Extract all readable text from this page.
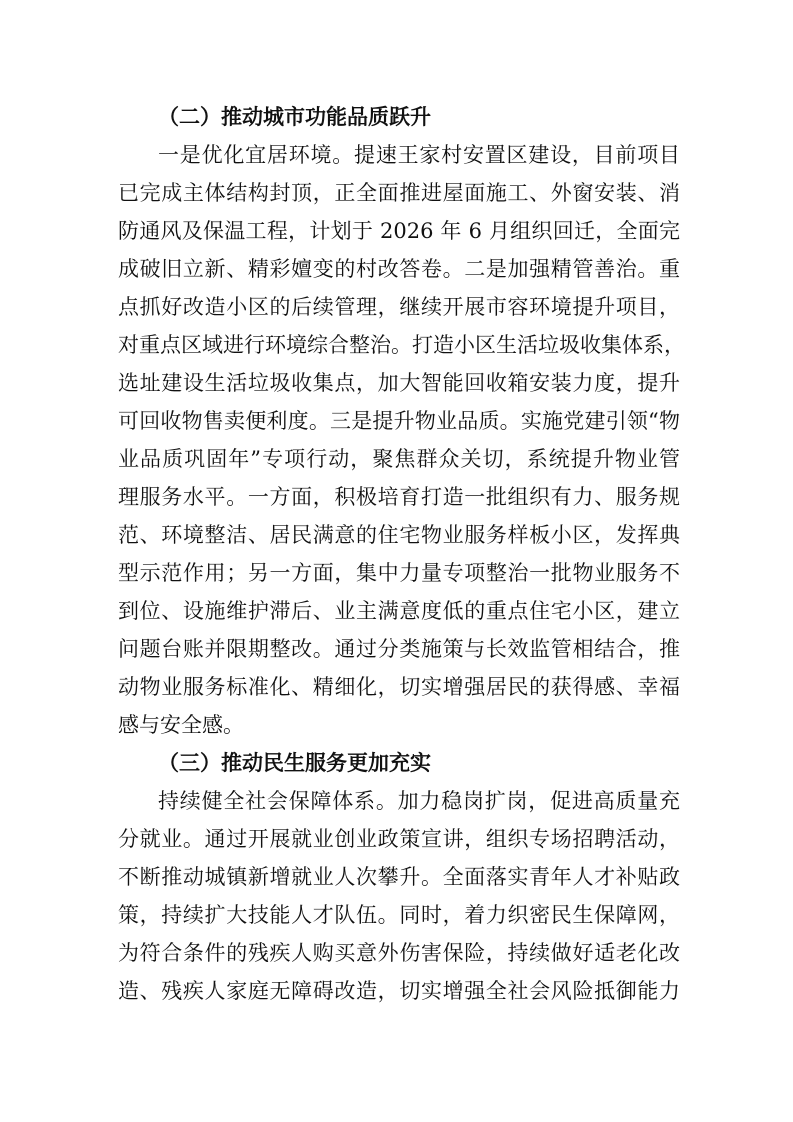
（二）推动城市功能品质跃升
一是优化宜居环境。提速王家村安置区建设，目前项目
已完成主体结构封顶，正全面推进屋面施工、外窗安装、消
防通风及保温工程，计划于 2026 年 6 月组织回迁，全面完
成破旧立新、精彩嬗变的村改答卷。二是加强精管善治。重
点抓好改造小区的后续管理，继续开展市容环境提升项目，
对重点区域进行环境综合整治。打造小区生活垃圾收集体系，
选址建设生活垃圾收集点，加大智能回收箱安装力度，提升
可回收物售卖便利度。三是提升物业品质。实施党建引领“物
业品质巩固年”专项行动，聚焦群众关切，系统提升物业管
理服务水平。一方面，积极培育打造一批组织有力、服务规
范、环境整洁、居民满意的住宅物业服务样板小区，发挥典
型示范作用；另一方面，集中力量专项整治一批物业服务不
到位、设施维护滞后、业主满意度低的重点住宅小区，建立
问题台账并限期整改。通过分类施策与长效监管相结合，推
动物业服务标准化、精细化，切实增强居民的获得感、幸福
感与安全感。
（三）推动民生服务更加充实
持续健全社会保障体系。加力稳岗扩岗，促进高质量充
分就业。通过开展就业创业政策宣讲，组织专场招聘活动，
不断推动城镇新增就业人次攀升。全面落实青年人才补贴政
策，持续扩大技能人才队伍。同时，着力织密民生保障网，
为符合条件的残疾人购买意外伤害保险，持续做好适老化改
造、残疾人家庭无障碍改造，切实增强全社会风险抵御能力
